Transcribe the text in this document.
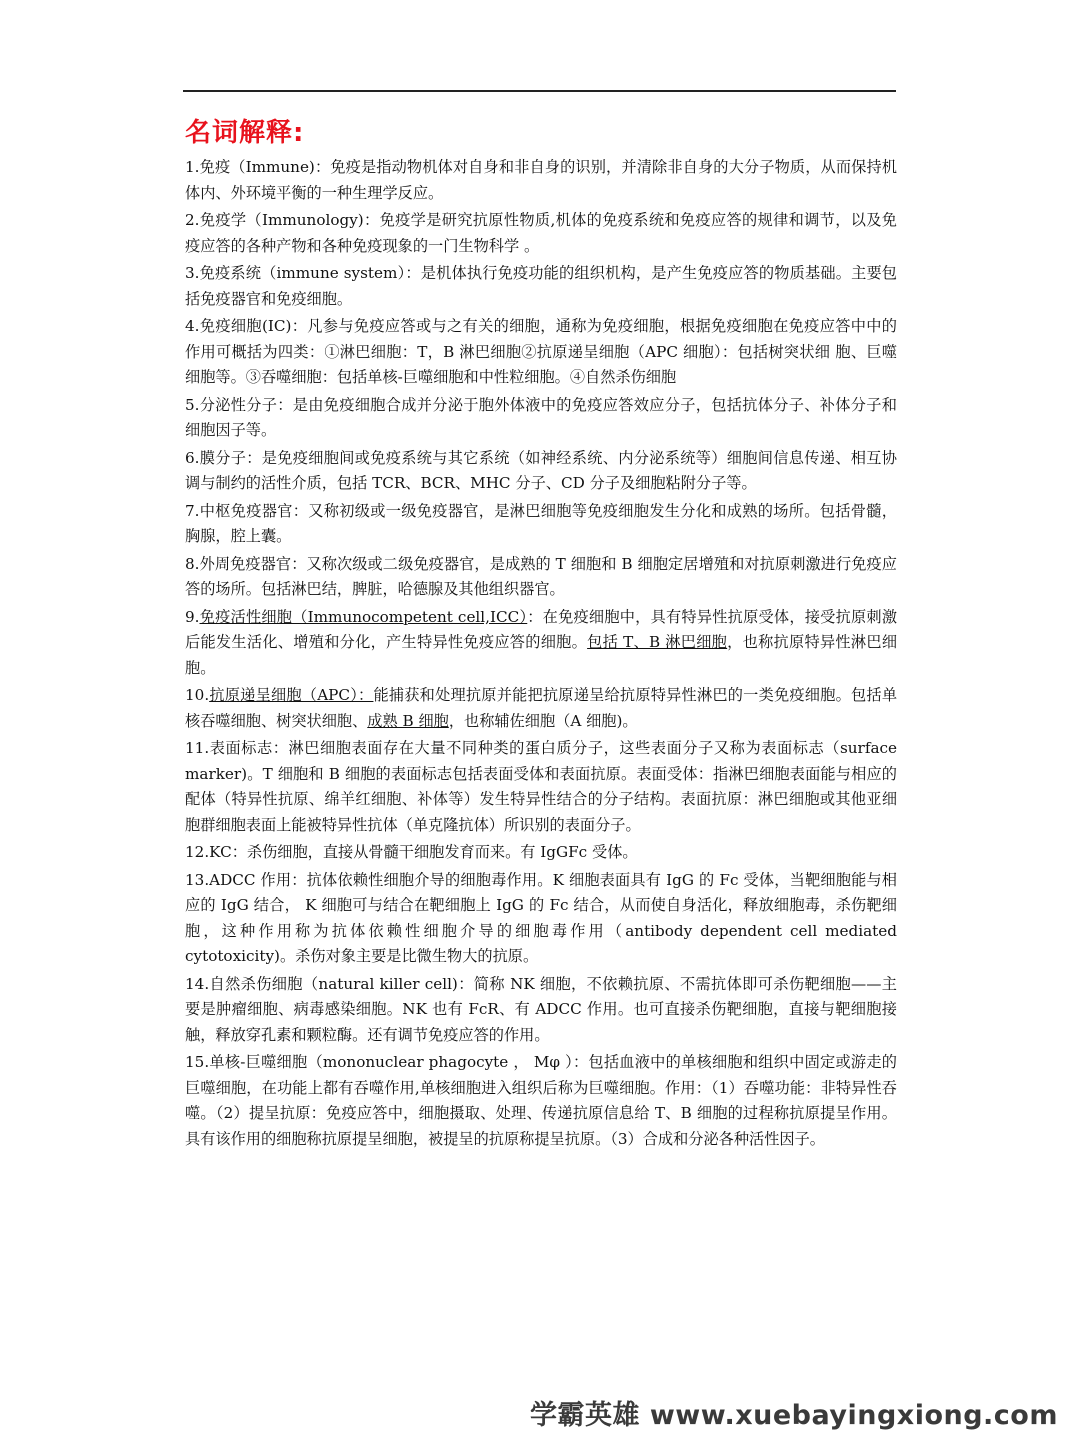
名词解释:

1.免疫（Immune)：免疫是指动物机体对自身和非自身的识别，并清除非自身的大分子物质，从而保持机体内、外环境平衡的一种生理学反应。

2.免疫学（Immunology)：免疫学是研究抗原性物质,机体的免疫系统和免疫应答的规律和调节，以及免疫应答的各种产物和各种免疫现象的一门生物科学 。

3.免疫系统（immune system）：是机体执行免疫功能的组织机构，是产生免疫应答的物质基础。主要包括免疫器官和免疫细胞。

4.免疫细胞(IC)：凡参与免疫应答或与之有关的细胞，通称为免疫细胞，根据免疫细胞在免疫应答中中的作用可概括为四类：①淋巴细胞：T，B 淋巴细胞②抗原递呈细胞（APC 细胞）：包括树突状细 胞、巨噬细胞等。③吞噬细胞：包括单核-巨噬细胞和中性粒细胞。④自然杀伤细胞

5.分泌性分子：是由免疫细胞合成并分泌于胞外体液中的免疫应答效应分子，包括抗体分子、补体分子和细胞因子等。

6.膜分子：是免疫细胞间或免疫系统与其它系统（如神经系统、内分泌系统等）细胞间信息传递、相互协调与制约的活性介质，包括 TCR、BCR、MHC 分子、CD 分子及细胞粘附分子等。

7.中枢免疫器官：又称初级或一级免疫器官，是淋巴细胞等免疫细胞发生分化和成熟的场所。包括骨髓，胸腺，腔上囊。

8.外周免疫器官：又称次级或二级免疫器官，是成熟的 T 细胞和 B 细胞定居增殖和对抗原刺激进行免疫应答的场所。包括淋巴结，脾脏，哈德腺及其他组织器官。

9.免疫活性细胞（Immunocompetent cell,ICC）：在免疫细胞中，具有特异性抗原受体，接受抗原刺激后能发生活化、增殖和分化，产生特异性免疫应答的细胞。包括 T、B 淋巴细胞，也称抗原特异性淋巴细胞。

10.抗原递呈细胞（APC）：能捕获和处理抗原并能把抗原递呈给抗原特异性淋巴的一类免疫细胞。包括单核吞噬细胞、树突状细胞、成熟 B 细胞，也称辅佐细胞（A 细胞)。

11.表面标志：淋巴细胞表面存在大量不同种类的蛋白质分子，这些表面分子又称为表面标志（surface marker)。T 细胞和 B 细胞的表面标志包括表面受体和表面抗原。表面受体：指淋巴细胞表面能与相应的配体（特异性抗原、绵羊红细胞、补体等）发生特异性结合的分子结构。表面抗原：淋巴细胞或其他亚细胞群细胞表面上能被特异性抗体（单克隆抗体）所识别的表面分子。

12.KC：杀伤细胞，直接从骨髓干细胞发育而来。有 IgGFc 受体。

13.ADCC 作用：抗体依赖性细胞介导的细胞毒作用。K 细胞表面具有 IgG 的 Fc 受体，当靶细胞能与相应的 IgG 结合， K 细胞可与结合在靶细胞上 IgG 的 Fc 结合，从而使自身活化，释放细胞毒，杀伤靶细胞，这种作用称为抗体依赖性细胞介导的细胞毒作用（antibody dependent cell mediated cytotoxicity)。杀伤对象主要是比微生物大的抗原。

14.自然杀伤细胞（natural killer cell)：简称 NK 细胞，不依赖抗原、不需抗体即可杀伤靶细胞——主要是肿瘤细胞、病毒感染细胞。NK 也有 FcR、有 ADCC 作用。也可直接杀伤靶细胞，直接与靶细胞接触，释放穿孔素和颗粒酶。还有调节免疫应答的作用。

15.单核-巨噬细胞（mononuclear phagocyte ， Mφ ）：包括血液中的单核细胞和组织中固定或游走的巨噬细胞，在功能上都有吞噬作用,单核细胞进入组织后称为巨噬细胞。作用：（1）吞噬功能：非特异性吞噬。（2）提呈抗原：免疫应答中，细胞摄取、处理、传递抗原信息给 T、B 细胞的过程称抗原提呈作用。具有该作用的细胞称抗原提呈细胞，被提呈的抗原称提呈抗原。（3）合成和分泌各种活性因子。

学霸英雄 www.xuebayingxiong.com
